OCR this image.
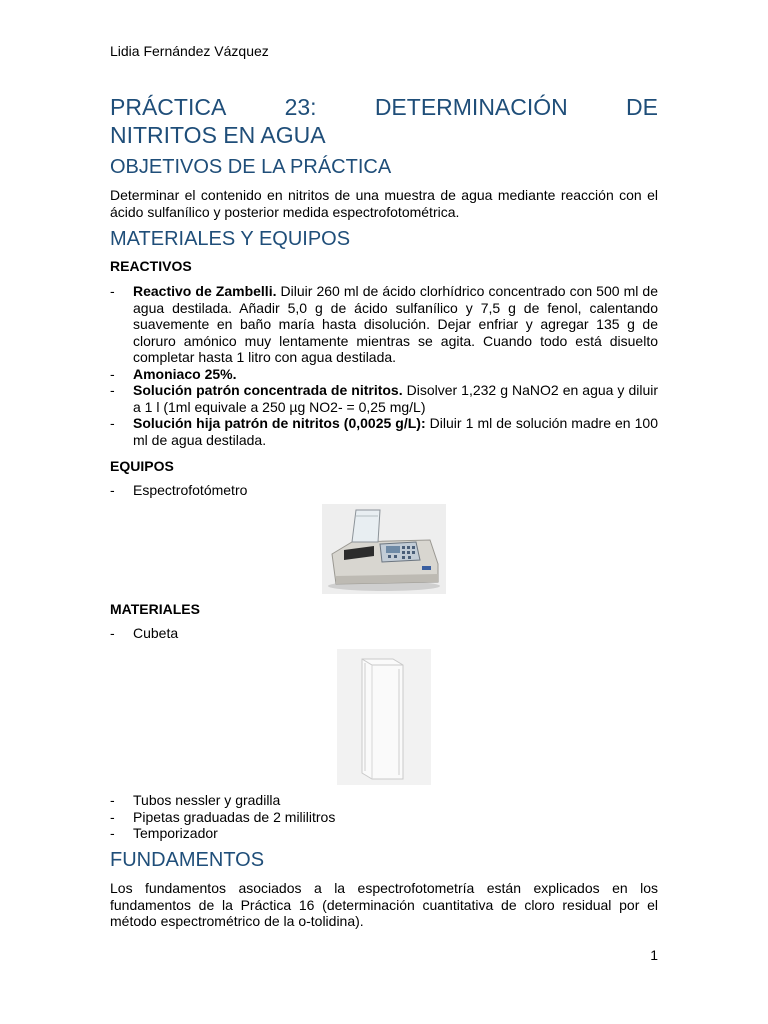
Lidia Fernández Vázquez
PRÁCTICA	23:	DETERMINACIÓN	DE
NITRITOS EN AGUA
OBJETIVOS DE LA PRÁCTICA

Determinar el contenido en nitritos de una muestra de agua mediante reacción con el ácido sulfanílico y posterior medida espectrofotométrica.

MATERIALES Y EQUIPOS
REACTIVOS
- Reactivo de Zambelli. Diluir 260 ml de ácido clorhídrico concentrado con 500 ml de agua destilada. Añadir 5,0 g de ácido sulfanílico y 7,5 g de fenol, calentando suavemente en baño maría hasta disolución. Dejar enfriar y agregar 135 g de cloruro amónico muy lentamente mientras se agita. Cuando todo está disuelto completar hasta 1 litro con agua destilada.
- Amoniaco 25%.
- Solución patrón concentrada de nitritos. Disolver 1,232 g NaNO2 en agua y diluir a 1 l (1ml equivale a 250 µg NO2- = 0,25 mg/L)
- Solución hija patrón de nitritos (0,0025 g/L): Diluir 1 ml de solución madre en 100 ml de agua destilada.
EQUIPOS
- Espectrofotómetro
MATERIALES
- Cubeta
- Tubos nessler y gradilla
- Pipetas graduadas de 2 mililitros
- Temporizador
FUNDAMENTOS

Los fundamentos asociados a la espectrofotometría están explicados en los fundamentos de la Práctica 16 (determinación cuantitativa de cloro residual por el método espectrométrico de la o-tolidina).

1
